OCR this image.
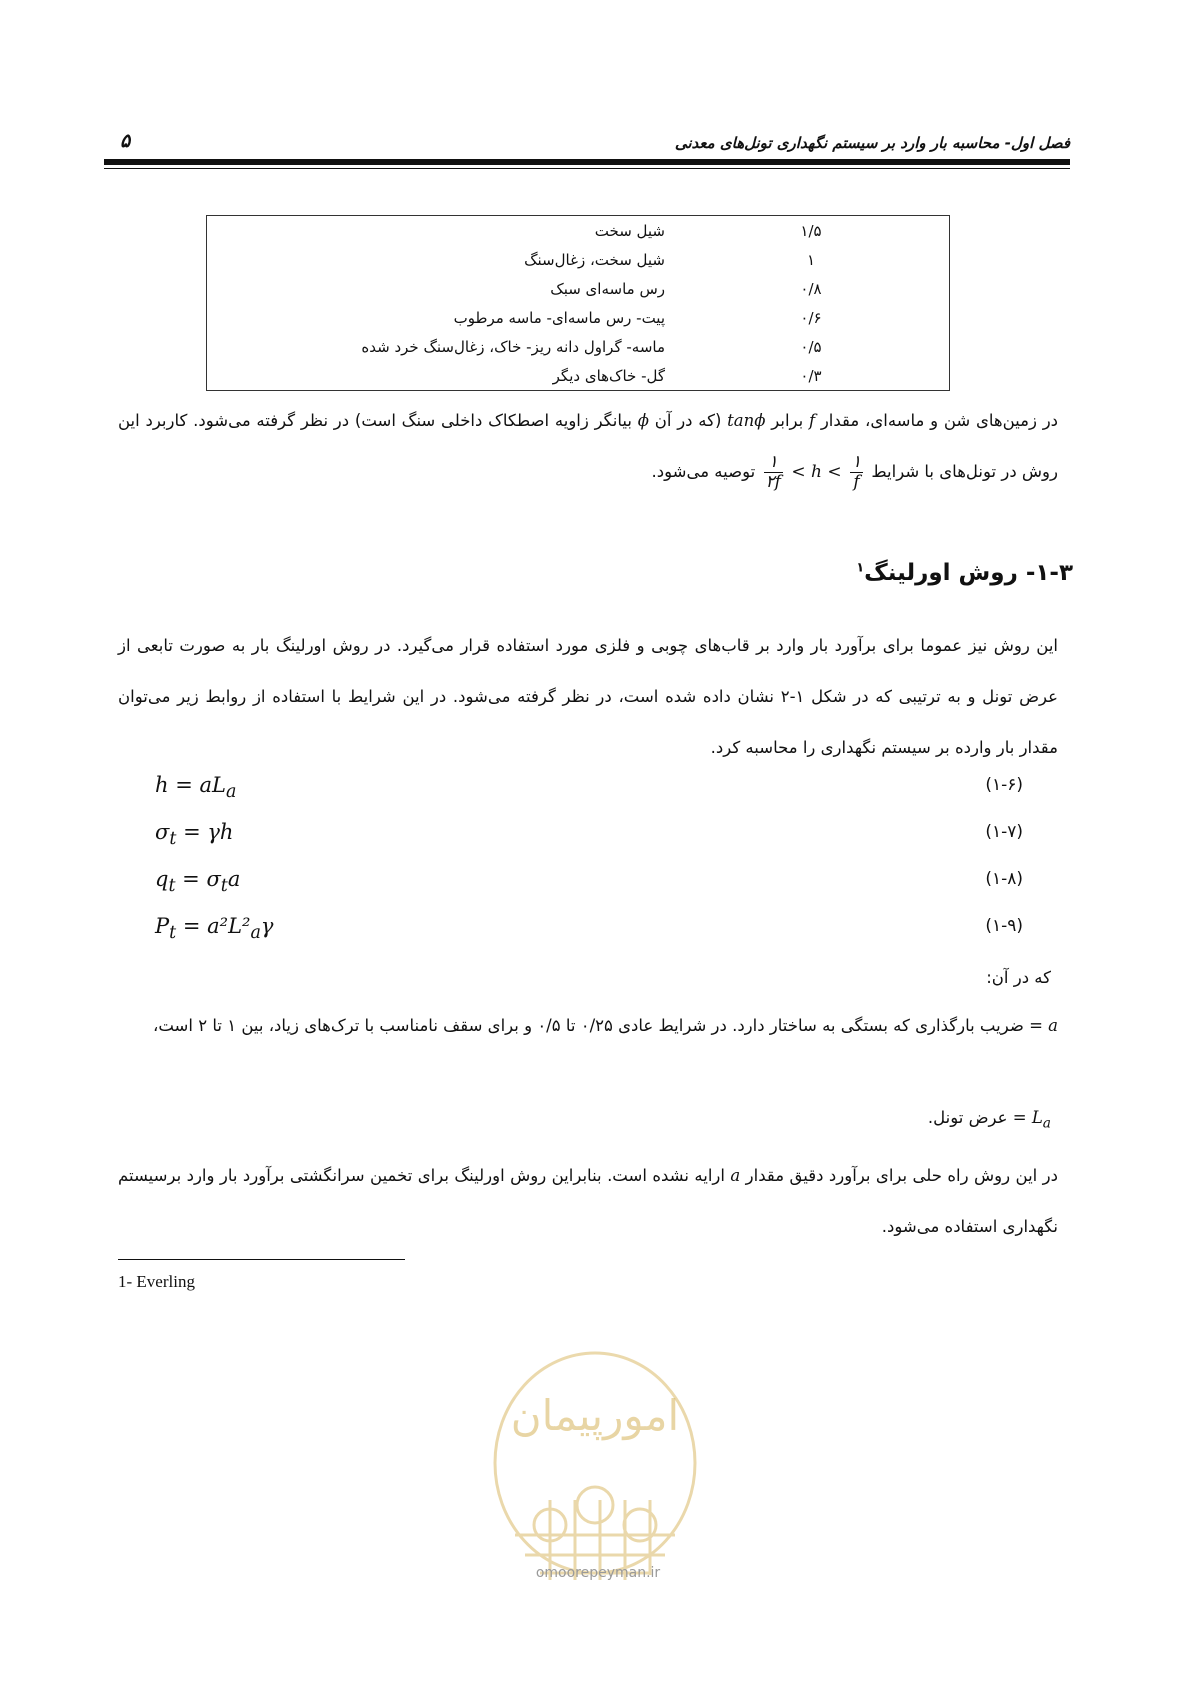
۵	فصل اول- محاسبه بار وارد بر سیستم نگهداری تونل‌های معدنی
شیل سخت	۱/۵
شیل سخت، زغال‌سنگ	۱
رس ماسه‌ای سبک	۰/۸
پیت- رس ماسه‌ای- ماسه مرطوب	۰/۶
ماسه- گراول دانه ریز- خاک، زغال‌سنگ خرد شده	۰/۵
گل- خاک‌های دیگر	۰/۳

در زمین‌های شن و ماسه‌ای، مقدار f برابر tanϕ (که در آن ϕ بیانگر زاویه اصطکاک داخلی سنگ است) در نظر گرفته می‌شود. کاربرد این روش در تونل‌های با شرایط
$\frac{۱}{۲f} < h < \frac{۱}{f}$
توصیه می‌شود.

۱-۳- روش اورلینگ$^۱$

این روش نیز عموما برای برآورد بار وارد بر قاب‌های چوبی و فلزی مورد استفاده قرار می‌گیرد. در روش اورلینگ بار به صورت تابعی از عرض تونل و به ترتیبی که در شکل ۱-۲ نشان داده شده است، در نظر گرفته می‌شود. در این شرایط با استفاده از روابط زیر می‌توان مقدار بار وارده بر سیستم نگهداری را محاسبه کرد.

$h = aL_a$	(۱-۶)
$\sigma_t = \gamma h$	(۱-۷)
$q_t = \sigma_ta$	(۱-۸)
$P_t = a^2L^2_a\gamma$	(۱-۹)

که در آن:

a = ضریب بارگذاری که بستگی به ساختار دارد. در شرایط عادی ۰/۲۵ تا ۰/۵ و برای سقف نامناسب با ترک‌های زیاد، بین ۱ تا ۲ است،

$L_a$ = عرض تونل.

در این روش راه حلی برای برآورد دقیق مقدار a ارایه نشده است. بنابراین روش اورلینگ برای تخمین سرانگشتی برآورد بار وارد برسیستم نگهداری استفاده می‌شود.

1- Everling
امورپیمان
omoorepeyman.ir
